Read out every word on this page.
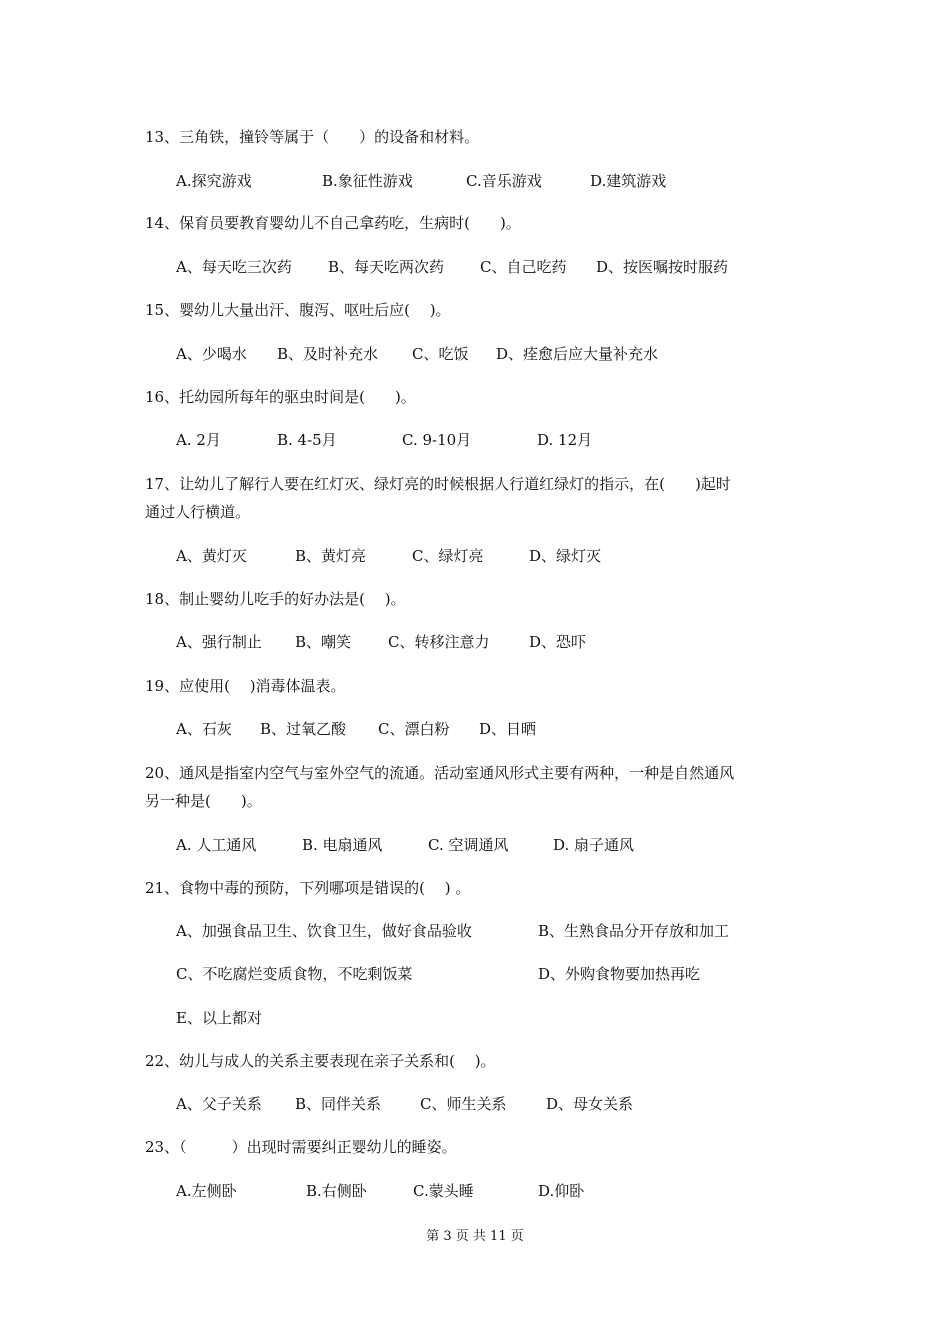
13、三角铁，撞铃等属于（　　）的设备和材料。
A.探究游戏	B.象征性游戏	C.音乐游戏	D.建筑游戏
14、保育员要教育婴幼儿不自己拿药吃，生病时(　　)。
A、每天吃三次药 B、每天吃两次药 C、自己吃药 D、按医嘱按时服药
15、婴幼儿大量出汗、腹泻、呕吐后应(　 )。
A、少喝水 B、及时补充水 C、吃饭 D、痊愈后应大量补充水
16、托幼园所每年的驱虫时间是(　　)。
A. 2月	B. 4-5月	C. 9-10月	D. 12月
17、让幼儿了解行人要在红灯灭、绿灯亮的时候根据人行道红绿灯的指示，在(　　)起时
通过人行横道。
A、黄灯灭	B、黄灯亮	C、绿灯亮	D、绿灯灭
18、制止婴幼儿吃手的好办法是(　 )。
A、强行制止 B、嘲笑 C、转移注意力	D、恐吓
19、应使用(　 )消毒体温表。
A、石灰 B、过氧乙酸 C、漂白粉 D、日晒
20、通风是指室内空气与室外空气的流通。活动室通风形式主要有两种，一种是自然通风
另一种是(　　)。
A. 人工通风	B. 电扇通风	C. 空调通风	D. 扇子通风
21、食物中毒的预防，下列哪项是错误的(　 ) 。
A、加强食品卫生、饮食卫生，做好食品验收	B、生熟食品分开存放和加工
C、不吃腐烂变质食物，不吃剩饭菜	D、外购食物要加热再吃
E、以上都对
22、幼儿与成人的关系主要表现在亲子关系和(　 )。
A、父子关系 B、同伴关系	C、师生关系	D、母女关系
23、（　　　）出现时需要纠正婴幼儿的睡姿。
A.左侧卧	B.右侧卧	C.蒙头睡	D.仰卧
第 3 页 共 11 页
